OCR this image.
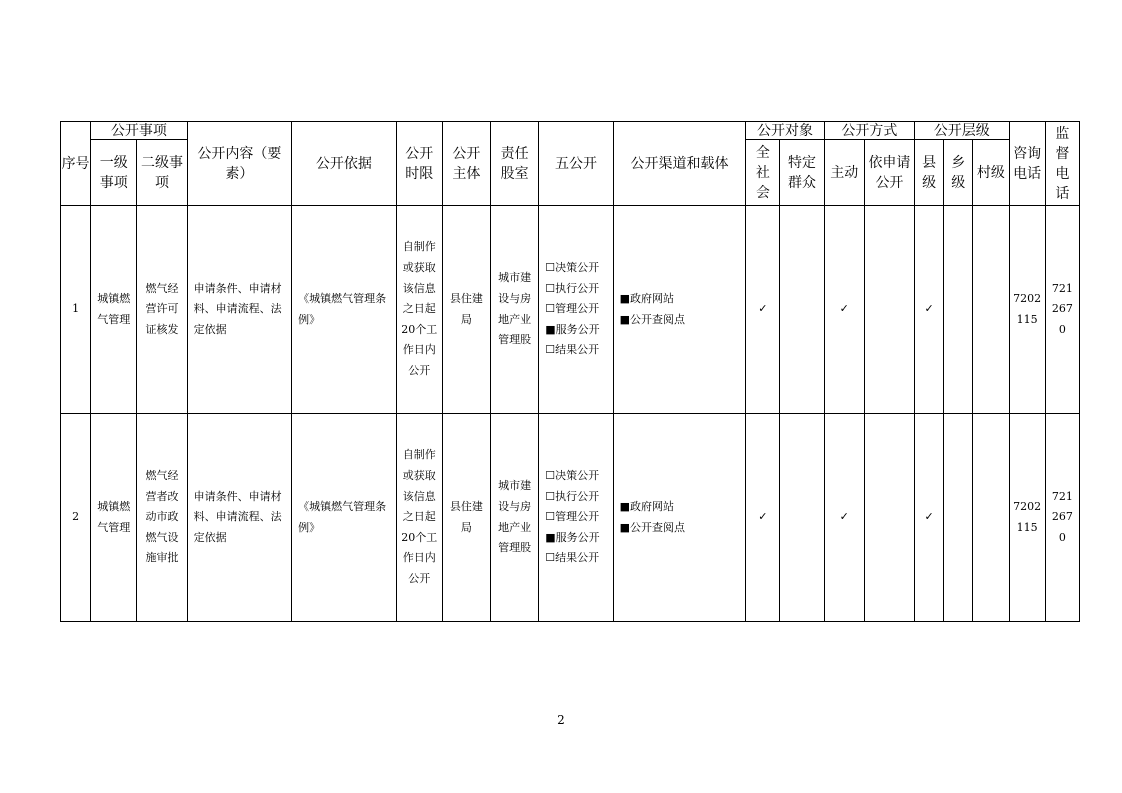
序号	公开事项		公开内容（要素）	公开依据	公开时限	公开主体	责任股室	五公开	公开渠道和载体	公开对象		公开方式		公开层级			咨询电话	监督电话
	一级事项	二级事项								全社会	特定群众	主动	依申请公开	县级	乡级	村级		
1	城镇燃气管理	燃气经营许可证核发	申请条件、申请材料、申请流程、法定依据	《城镇燃气管理条例》	自制作或获取该信息之日起20个工作日内公开	县住建局	城市建设与房地产业管理股	☐决策公开
☐执行公开
☐管理公开
■服务公开
☐结果公开	■政府网站
■公开查阅点	✓		✓		✓			7202115	7212670
2	城镇燃气管理	燃气经营者改动市政燃气设施审批	申请条件、申请材料、申请流程、法定依据	《城镇燃气管理条例》	自制作或获取该信息之日起20个工作日内公开	县住建局	城市建设与房地产业管理股	☐决策公开
☐执行公开
☐管理公开
■服务公开
☐结果公开	■政府网站
■公开查阅点	✓		✓		✓			7202115	7212670
2
